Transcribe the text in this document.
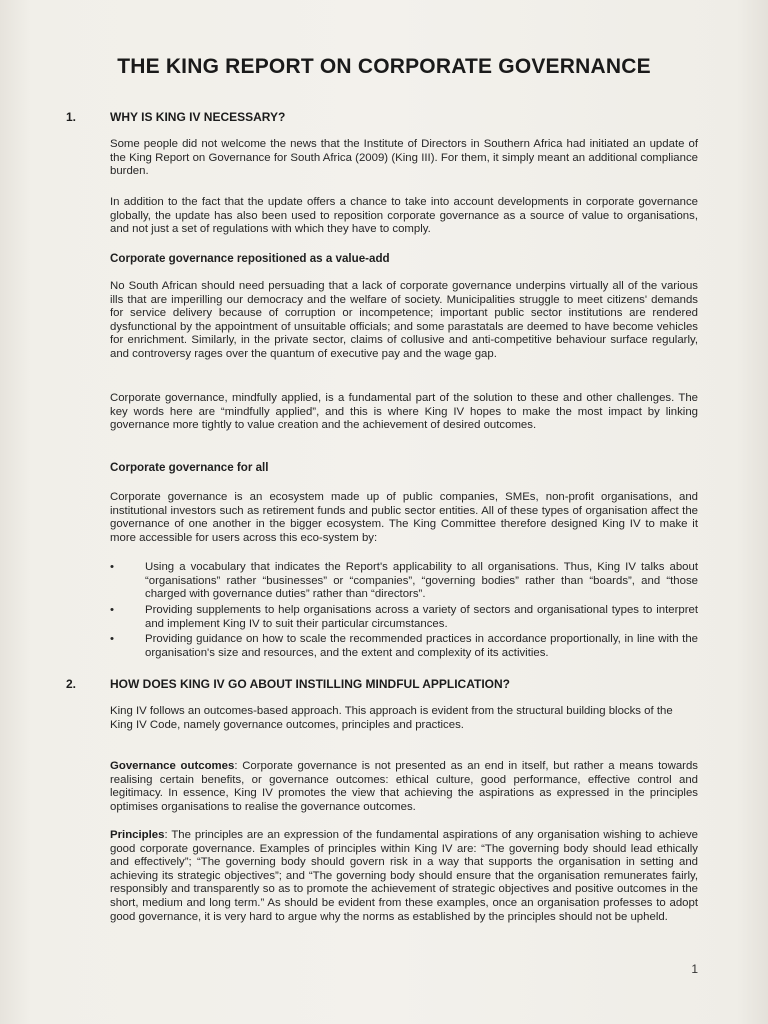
THE KING REPORT ON CORPORATE GOVERNANCE
1.	WHY IS KING IV NECESSARY?
Some people did not welcome the news that the Institute of Directors in Southern Africa had initiated an update of the King Report on Governance for South Africa (2009) (King III). For them, it simply meant an additional compliance burden.
In addition to the fact that the update offers a chance to take into account developments in corporate governance globally, the update has also been used to reposition corporate governance as a source of value to organisations, and not just a set of regulations with which they have to comply.
Corporate governance repositioned as a value-add
No South African should need persuading that a lack of corporate governance underpins virtually all of the various ills that are imperilling our democracy and the welfare of society. Municipalities struggle to meet citizens' demands for service delivery because of corruption or incompetence; important public sector institutions are rendered dysfunctional by the appointment of unsuitable officials; and some parastatals are deemed to have become vehicles for enrichment. Similarly, in the private sector, claims of collusive and anti-competitive behaviour surface regularly, and controversy rages over the quantum of executive pay and the wage gap.
Corporate governance, mindfully applied, is a fundamental part of the solution to these and other challenges. The key words here are “mindfully applied”, and this is where King IV hopes to make the most impact by linking governance more tightly to value creation and the achievement of desired outcomes.
Corporate governance for all
Corporate governance is an ecosystem made up of public companies, SMEs, non-profit organisations, and institutional investors such as retirement funds and public sector entities. All of these types of organisation affect the governance of one another in the bigger ecosystem. The King Committee therefore designed King IV to make it more accessible for users across this eco-system by:
•	Using a vocabulary that indicates the Report's applicability to all organisations. Thus, King IV talks about “organisations” rather “businesses” or “companies”, “governing bodies” rather than “boards”, and “those charged with governance duties” rather than “directors”.
•	Providing supplements to help organisations across a variety of sectors and organisational types to interpret and implement King IV to suit their particular circumstances.
•	Providing guidance on how to scale the recommended practices in accordance proportionally, in line with the organisation's size and resources, and the extent and complexity of its activities.
2.	HOW DOES KING IV GO ABOUT INSTILLING MINDFUL APPLICATION?
King IV follows an outcomes-based approach. This approach is evident from the structural building blocks of the
King IV Code, namely governance outcomes, principles and practices.
Governance outcomes: Corporate governance is not presented as an end in itself, but rather a means towards realising certain benefits, or governance outcomes: ethical culture, good performance, effective control and legitimacy. In essence, King IV promotes the view that achieving the aspirations as expressed in the principles optimises organisations to realise the governance outcomes.
Principles: The principles are an expression of the fundamental aspirations of any organisation wishing to achieve good corporate governance. Examples of principles within King IV are: “The governing body should lead ethically and effectively”; “The governing body should govern risk in a way that supports the organisation in setting and achieving its strategic objectives”; and “The governing body should ensure that the organisation remunerates fairly, responsibly and transparently so as to promote the achievement of strategic objectives and positive outcomes in the short, medium and long term.” As should be evident from these examples, once an organisation professes to adopt good governance, it is very hard to argue why the norms as established by the principles should not be upheld.
1
